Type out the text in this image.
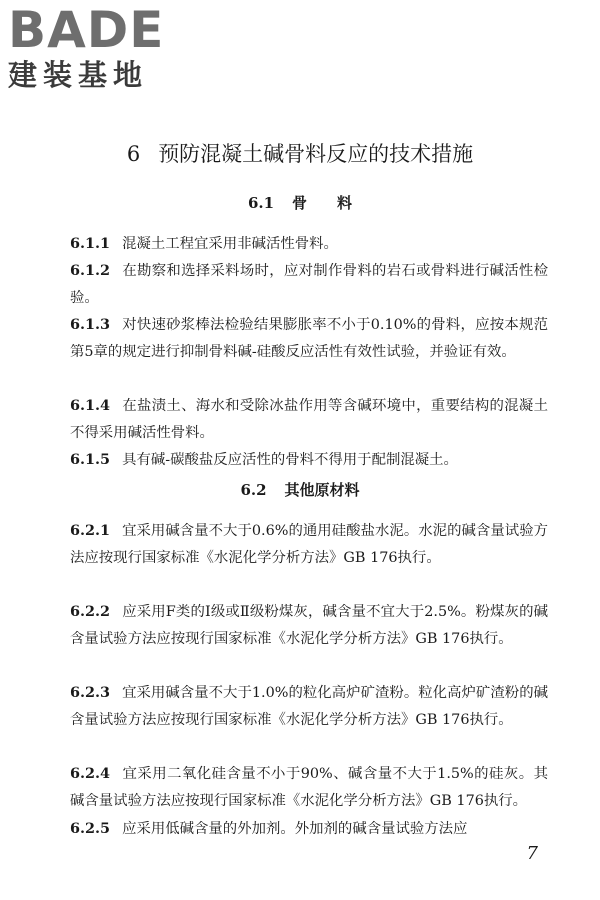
BADE
建装基地
6 预防混凝土碱骨料反应的技术措施
6.1 骨　　料
6.1.1 混凝土工程宜采用非碱活性骨料。
6.1.2 在勘察和选择采料场时，应对制作骨料的岩石或骨料进行碱活性检验。
6.1.3 对快速砂浆棒法检验结果膨胀率不小于0.10%的骨料，应按本规范第5章的规定进行抑制骨料碱-硅酸反应活性有效性试验，并验证有效。
6.1.4 在盐渍土、海水和受除冰盐作用等含碱环境中，重要结构的混凝土不得采用碱活性骨料。
6.1.5 具有碱-碳酸盐反应活性的骨料不得用于配制混凝土。
6.2 其他原材料
6.2.1 宜采用碱含量不大于0.6%的通用硅酸盐水泥。水泥的碱含量试验方法应按现行国家标准《水泥化学分析方法》GB 176执行。
6.2.2 应采用F类的Ⅰ级或Ⅱ级粉煤灰，碱含量不宜大于2.5%。粉煤灰的碱含量试验方法应按现行国家标准《水泥化学分析方法》GB 176执行。
6.2.3 宜采用碱含量不大于1.0%的粒化高炉矿渣粉。粒化高炉矿渣粉的碱含量试验方法应按现行国家标准《水泥化学分析方法》GB 176执行。
6.2.4 宜采用二氧化硅含量不小于90%、碱含量不大于1.5%的硅灰。其碱含量试验方法应按现行国家标准《水泥化学分析方法》GB 176执行。
6.2.5 应采用低碱含量的外加剂。外加剂的碱含量试验方法应
7
